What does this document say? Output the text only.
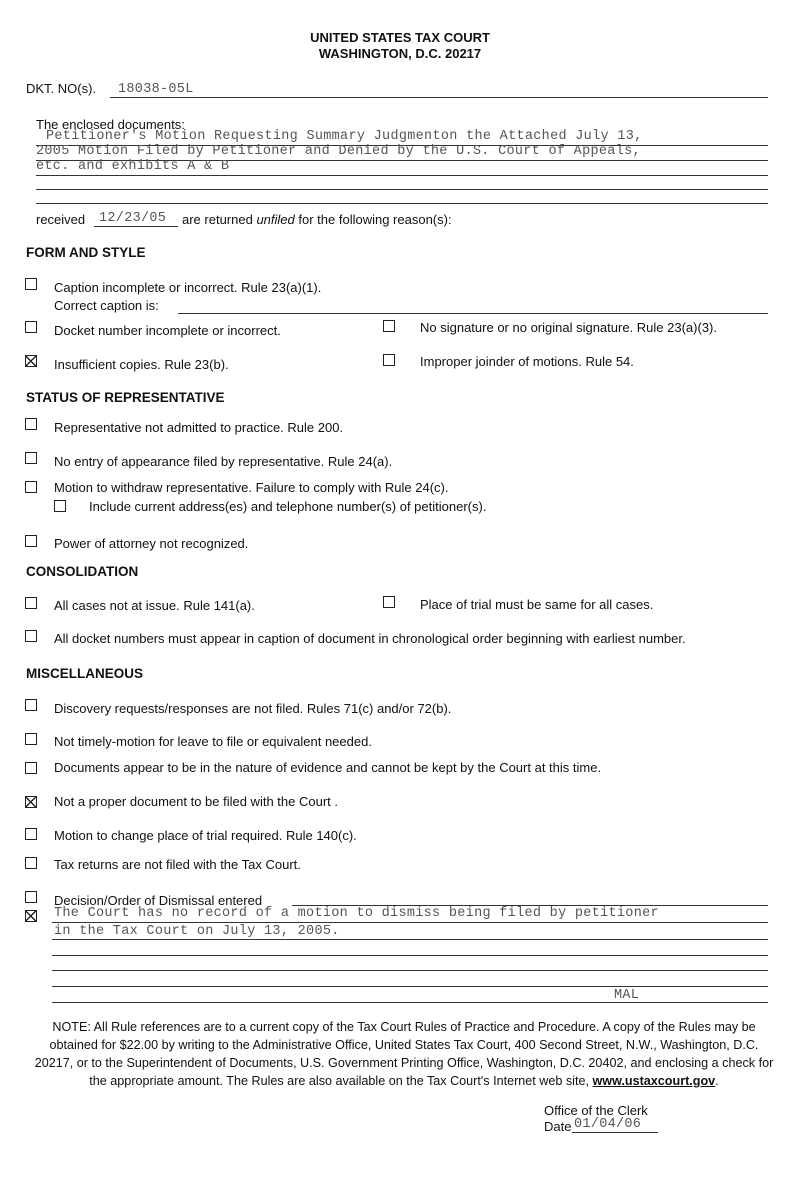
UNITED STATES TAX COURT
WASHINGTON, D.C. 20217
DKT. NO(s). 18038-05L
The enclosed documents:
Petitioner's Motion Requesting Summary Judgmenton the Attached July 13,
2005 Motion Filed by Petitioner and Denied by the U.S. Court of Appeals,
etc. and exhibits A & B
received 12/23/05 are returned unfiled for the following reason(s):
FORM AND STYLE
Caption incomplete or incorrect. Rule 23(a)(1).
Correct caption is:
Docket number incomplete or incorrect.	No signature or no original signature. Rule 23(a)(3).
Insufficient copies. Rule 23(b).	Improper joinder of motions. Rule 54.
STATUS OF REPRESENTATIVE
Representative not admitted to practice. Rule 200.
No entry of appearance filed by representative. Rule 24(a).
Motion to withdraw representative. Failure to comply with Rule 24(c).
Include current address(es) and telephone number(s) of petitioner(s).
Power of attorney not recognized.
CONSOLIDATION
All cases not at issue. Rule 141(a).	Place of trial must be same for all cases.
All docket numbers must appear in caption of document in chronological order beginning with earliest number.
MISCELLANEOUS
Discovery requests/responses are not filed. Rules 71(c) and/or 72(b).
Not timely-motion for leave to file or equivalent needed.
Documents appear to be in the nature of evidence and cannot be kept by the Court at this time.
Not a proper document to be filed with the Court .
Motion to change place of trial required. Rule 140(c).
Tax returns are not filed with the Tax Court.
Decision/Order of Dismissal entered
The Court has no record of a motion to dismiss being filed by petitioner
in the Tax Court on July 13, 2005.
MAL
NOTE: All Rule references are to a current copy of the Tax Court Rules of Practice and Procedure. A copy of the Rules may be obtained for $22.00 by writing to the Administrative Office, United States Tax Court, 400 Second Street, N.W., Washington, D.C. 20217, or to the Superintendent of Documents, U.S. Government Printing Office, Washington, D.C. 20402, and enclosing a check for the appropriate amount. The Rules are also available on the Tax Court's Internet web site, www.ustaxcourt.gov.
Office of the Clerk
Date 01/04/06
